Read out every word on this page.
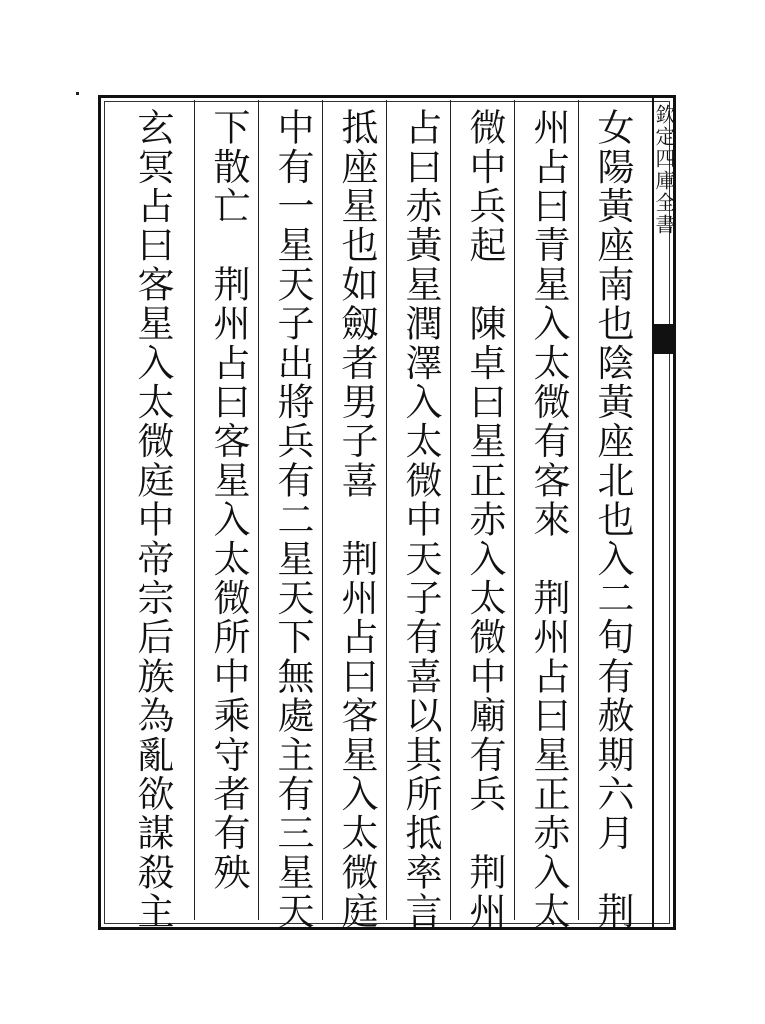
欽定四庫全書
女陽黃座南也陰黃座北也入二旬有赦期六月　荆
州占曰青星入太微有客來　荆州占曰星正赤入太
微中兵起　陳卓曰星正赤入太微中廟有兵　荆州
占曰赤黃星潤澤入太微中天子有喜以其所抵率言
抵座星也如劔者男子喜　荆州占曰客星入太微庭
中有一星天子出將兵有二星天下無處主有三星天
下散亡　荆州占曰客星入太微所中乘守者有殃
玄冥占曰客星入太微庭中帝宗后族為亂欲謀殺主
